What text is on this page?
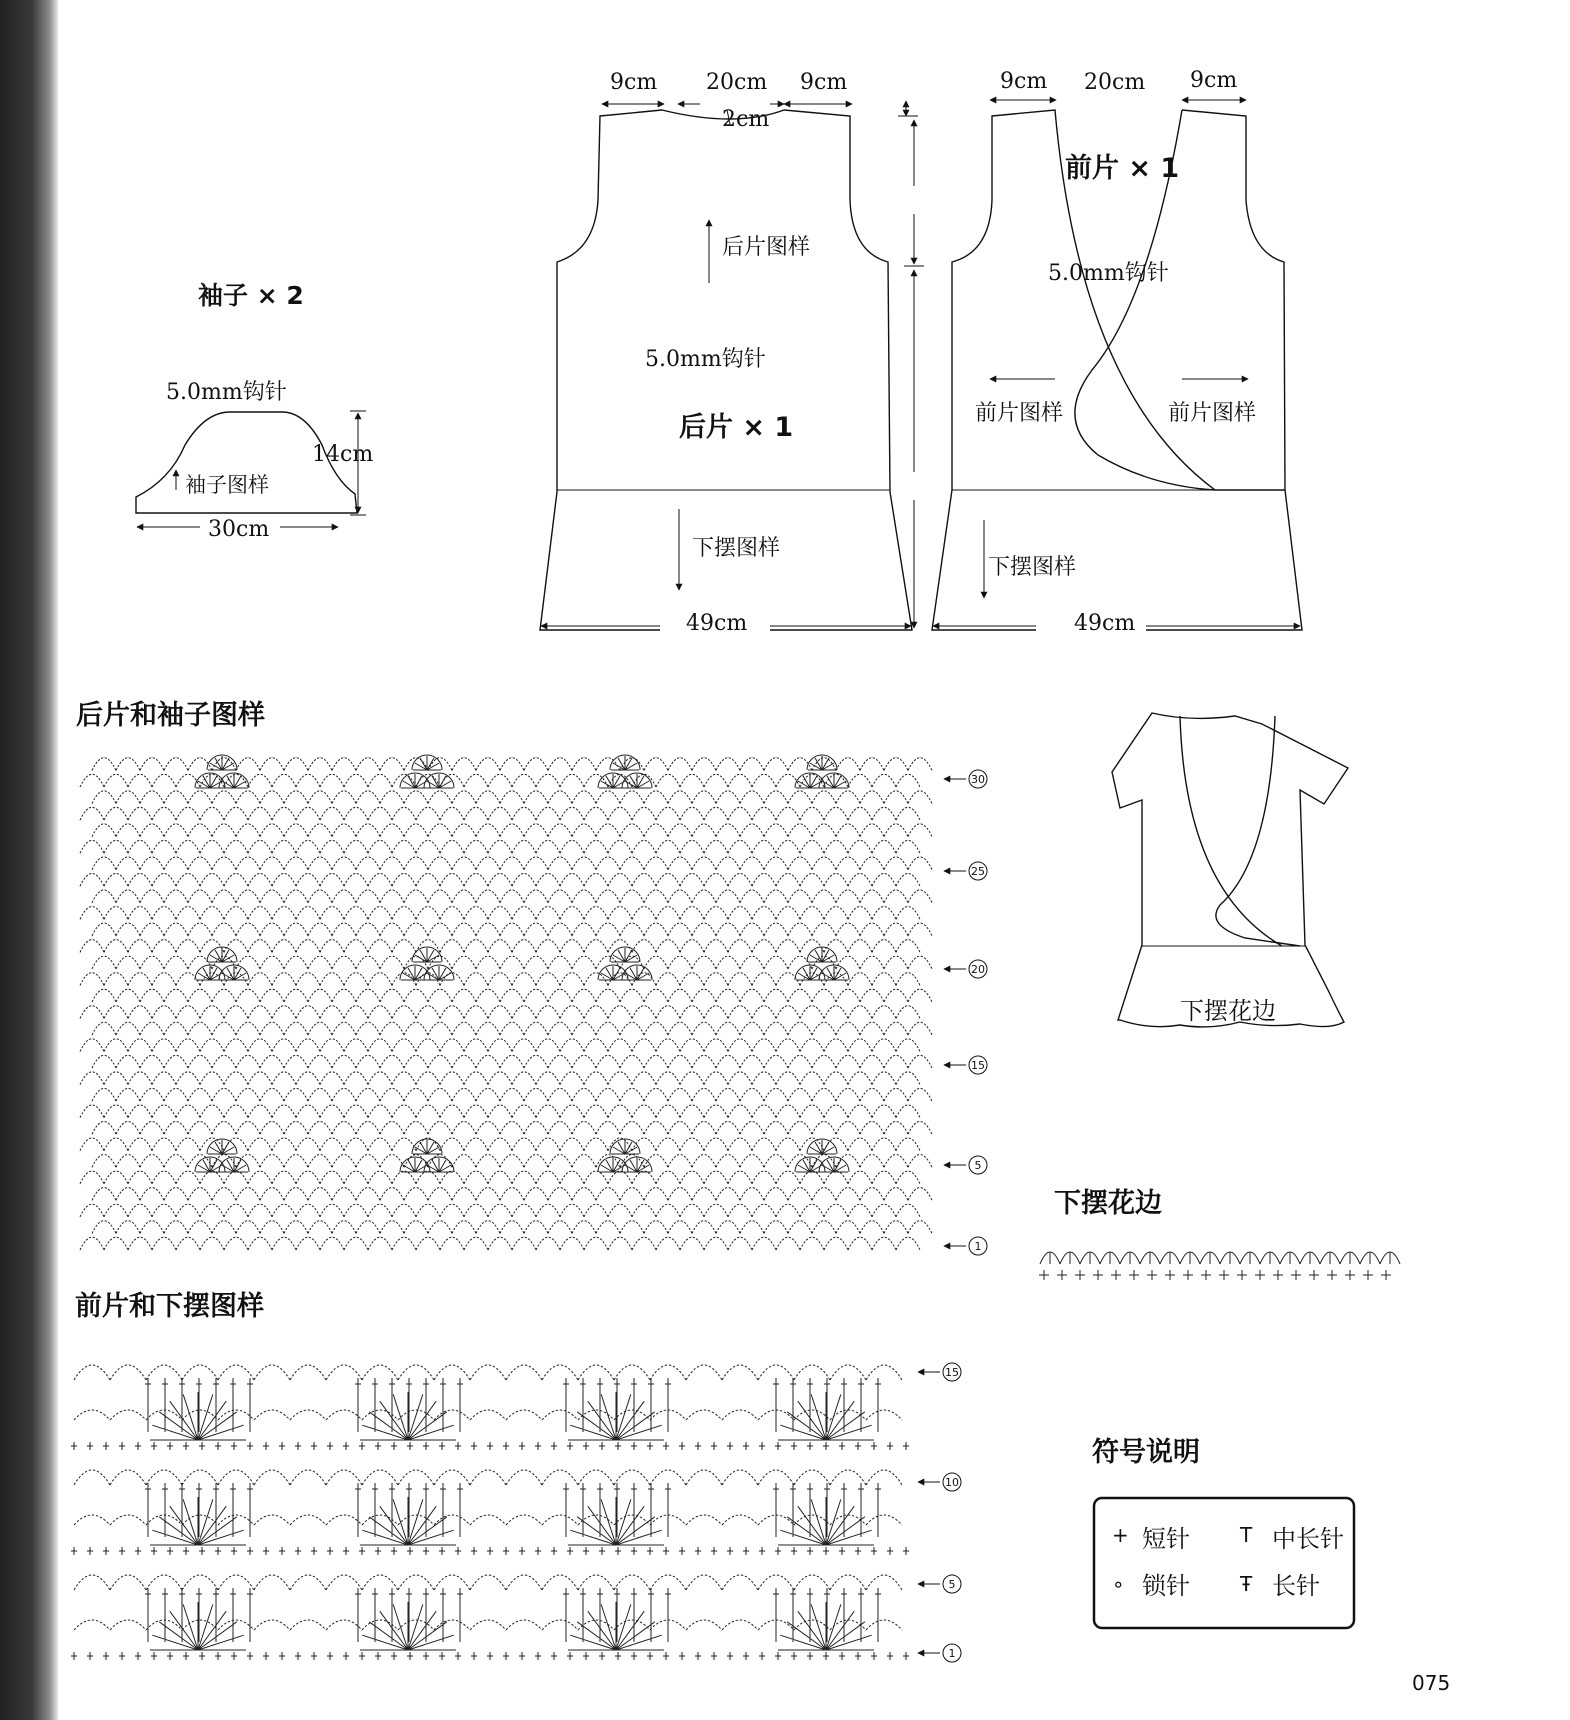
袖子 × 2
5.0mm钩针
袖子图样
14cm
30cm
9cm 20cm 9cm
2cm
后片图样
5.0mm钩针
后片 × 1
下摆图样
49cm
9cm 20cm 9cm
前片 × 1
5.0mm钩针
前片图样	前片图样
下摆图样
49cm
后片和袖子图样
30
25
20
15
5
1
下摆花边
下摆花边
前片和下摆图样
15
10
5
1
符号说明
+ 短针	T 中长针
∘ 锁针	Ŧ 长针
075
